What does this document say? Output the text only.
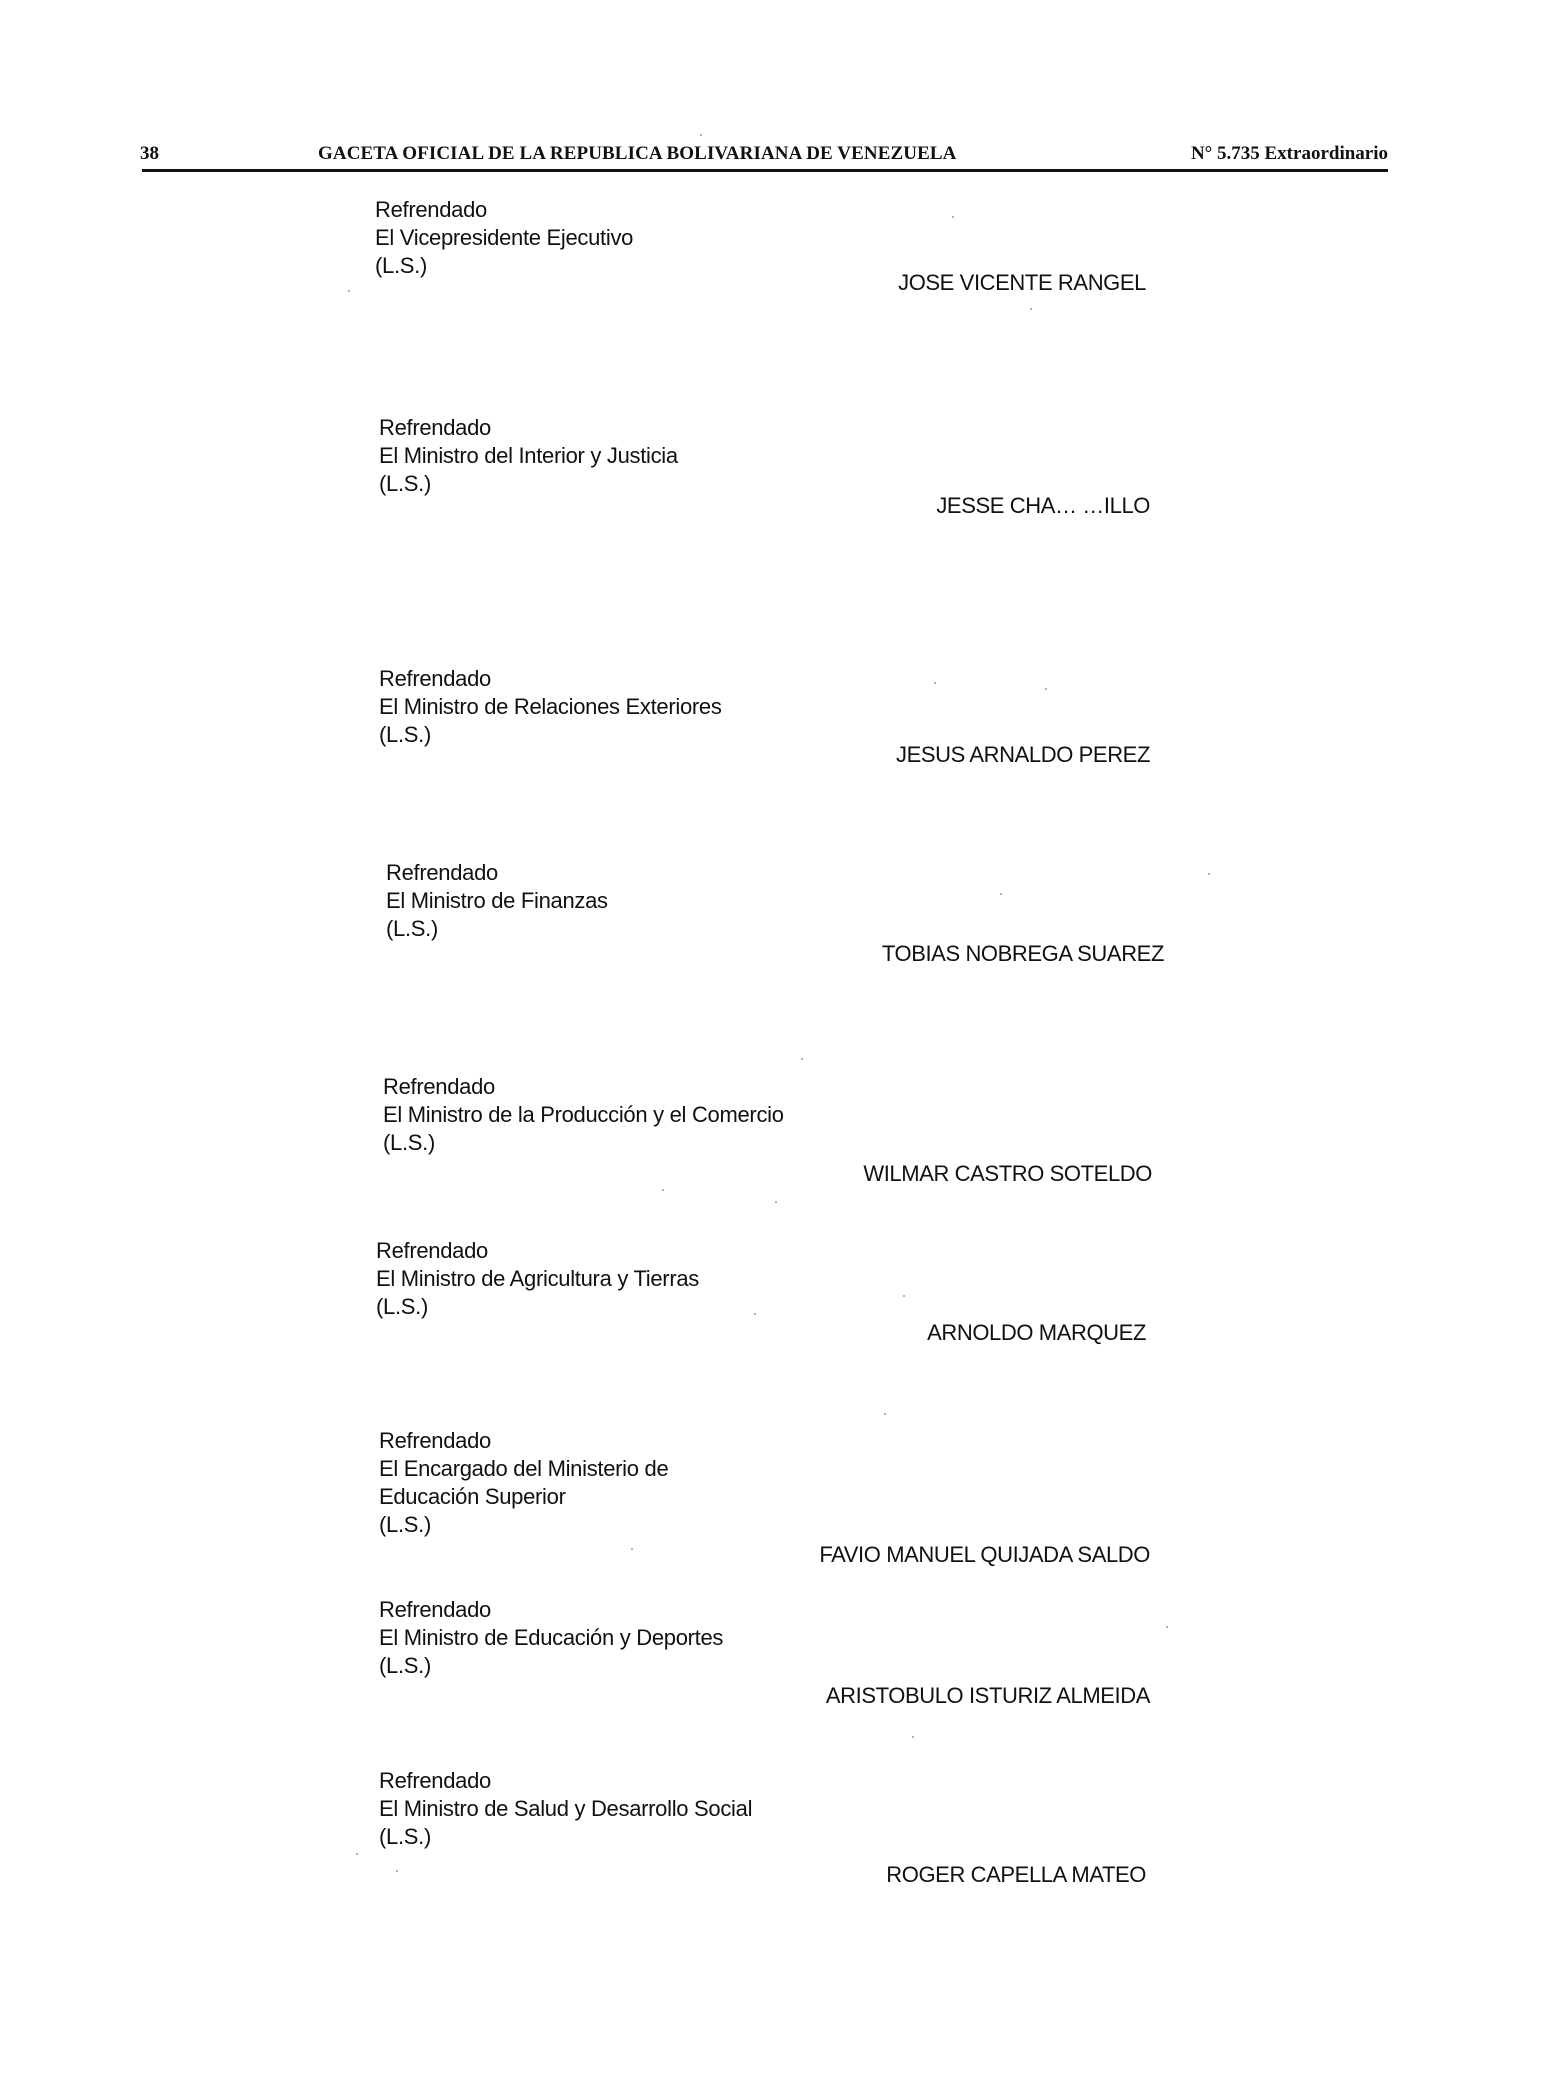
38	GACETA OFICIAL DE LA REPUBLICA BOLIVARIANA DE VENEZUELA	N° 5.735 Extraordinario
Refrendado
El Vicepresidente Ejecutivo
(L.S.)
JOSE VICENTE RANGEL
Refrendado
El Ministro del Interior y Justicia
(L.S.)
JESSE CHA… …ILLO
Refrendado
El Ministro de Relaciones Exteriores
(L.S.)
JESUS ARNALDO PEREZ
Refrendado
El Ministro de Finanzas
(L.S.)
TOBIAS NOBREGA SUAREZ
Refrendado
El Ministro de la Producción y el Comercio
(L.S.)
WILMAR CASTRO SOTELDO
Refrendado
El Ministro de Agricultura y Tierras
(L.S.)
ARNOLDO MARQUEZ
Refrendado
El Encargado del Ministerio de
Educación Superior
(L.S.)
FAVIO MANUEL QUIJADA SALDO
Refrendado
El Ministro de Educación y Deportes
(L.S.)
ARISTOBULO ISTURIZ ALMEIDA
Refrendado
El Ministro de Salud y Desarrollo Social
(L.S.)
ROGER CAPELLA MATEO
